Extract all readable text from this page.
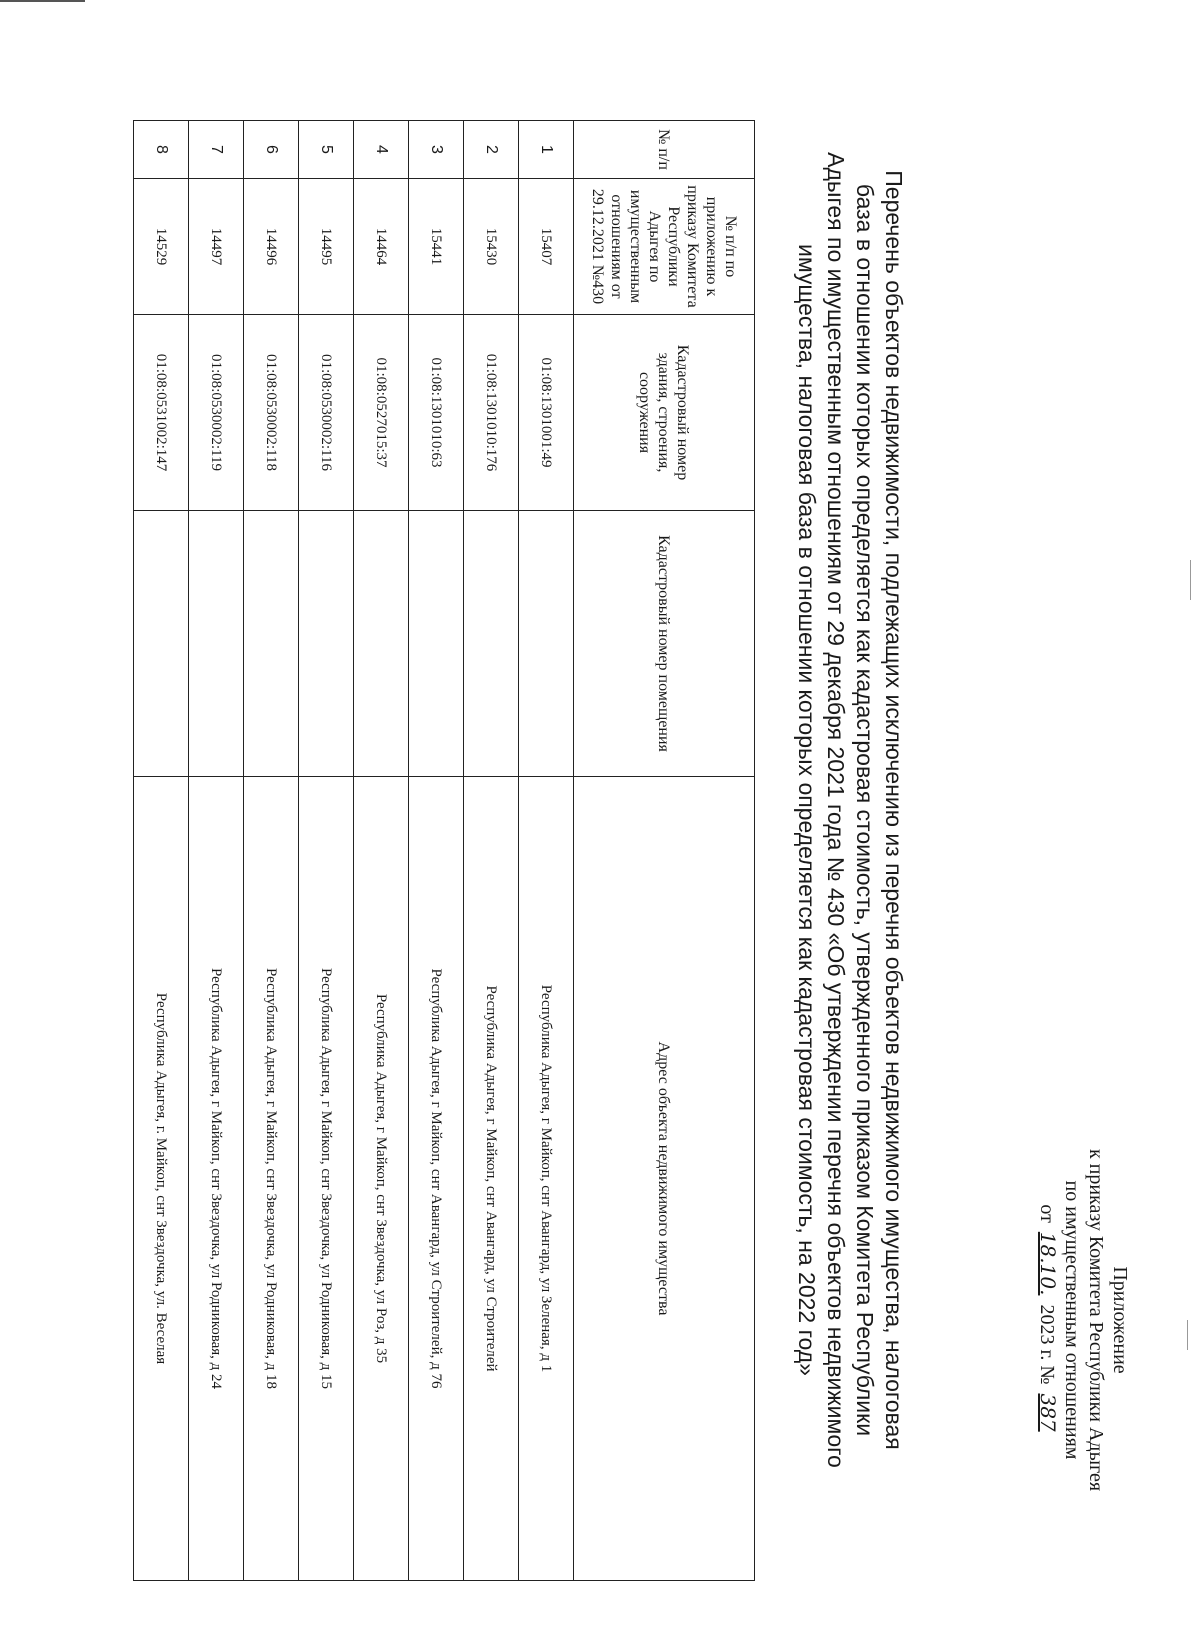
Приложение
к приказу Комитета Республики Адыгея
по имущественным отношениям
от 18.10. 2023 г. № 387
Перечень объектов недвижимости, подлежащих исключению из перечня объектов недвижимого имущества, налоговая
база в отношении которых определяется как кадастровая стоимость, утвержденного приказом Комитета Республики
Адыгея по имущественным отношениям от 29 декабря 2021 года № 430 «Об утверждении перечня объектов недвижимого
имущества, налоговая база в отношении которых определяется как кадастровая стоимость, на 2022 год»
№ п/п	№ п/п по приложению к приказу Комитета Республики Адыгея по имущественным отношениям от 29.12.2021 №430	Кадастровый номер здания, строения, сооружения	Кадастровый номер помещения	Адрес объекта недвижимого имущества
1	15407	01:08:1301001:49		Республика Адыгея, г Майкоп, снт Авангард, ул Зеленая, д 1
2	15430	01:08:1301010:176		Республика Адыгея, г Майкоп, снт Авангард, ул Строителей
3	15441	01:08:1301010:63		Республика Адыгея, г Майкоп, снт Авангард, ул Строителей, д 76
4	14464	01:08:0527015:37		Республика Адыгея, г Майкоп, снт Звездочка, ул Роз, д 35
5	14495	01:08:0530002:116		Республика Адыгея, г Майкоп, снт Звездочка, ул Родниковая, д 15
6	14496	01:08:0530002:118		Республика Адыгея, г Майкоп, снт Звездочка, ул Родниковая, д 18
7	14497	01:08:0530002:119		Республика Адыгея, г Майкоп, снт Звездочка, ул Родниковая, д 24
8	14529	01:08:0531002:147		Республика Адыгея, г. Майкоп, снт Звездочка, ул. Веселая
